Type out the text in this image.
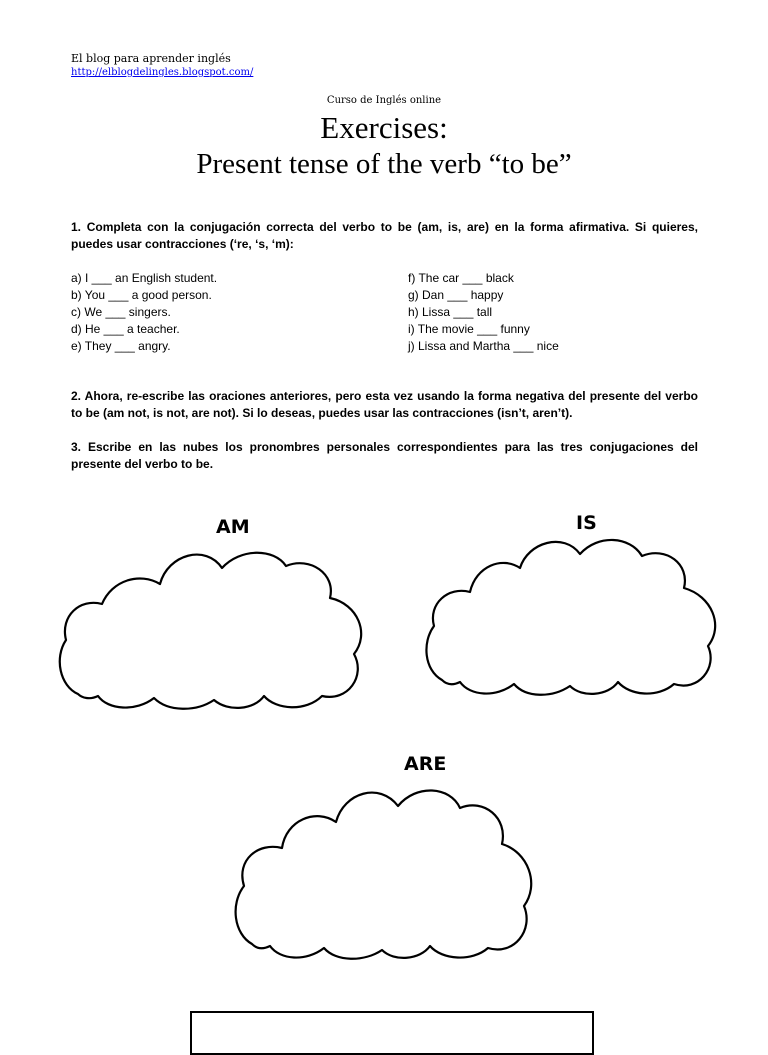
El blog para aprender inglés
http://elblogdelingles.blogspot.com/
Curso de Inglés online
Exercises:
Present tense of the verb “to be”
1. Completa con la conjugación correcta del verbo to be (am, is, are) en la forma afirmativa. Si quieres, puedes usar contracciones (‘re, ‘s, ‘m):
a) I ___ an English student.
b) You ___ a good person.
c) We ___ singers.
d) He ___ a teacher.
e) They ___ angry.
f) The car ___ black
g) Dan ___ happy
h) Lissa ___ tall
i) The movie ___ funny
j) Lissa and Martha ___ nice
2. Ahora, re-escribe las oraciones anteriores, pero esta vez usando la forma negativa del presente del verbo to be (am not, is not, are not). Si lo deseas, puedes usar las contracciones (isn’t, aren’t).
3. Escribe en las nubes los pronombres personales correspondientes para las tres conjugaciones del presente del verbo to be.
AM	IS
ARE
